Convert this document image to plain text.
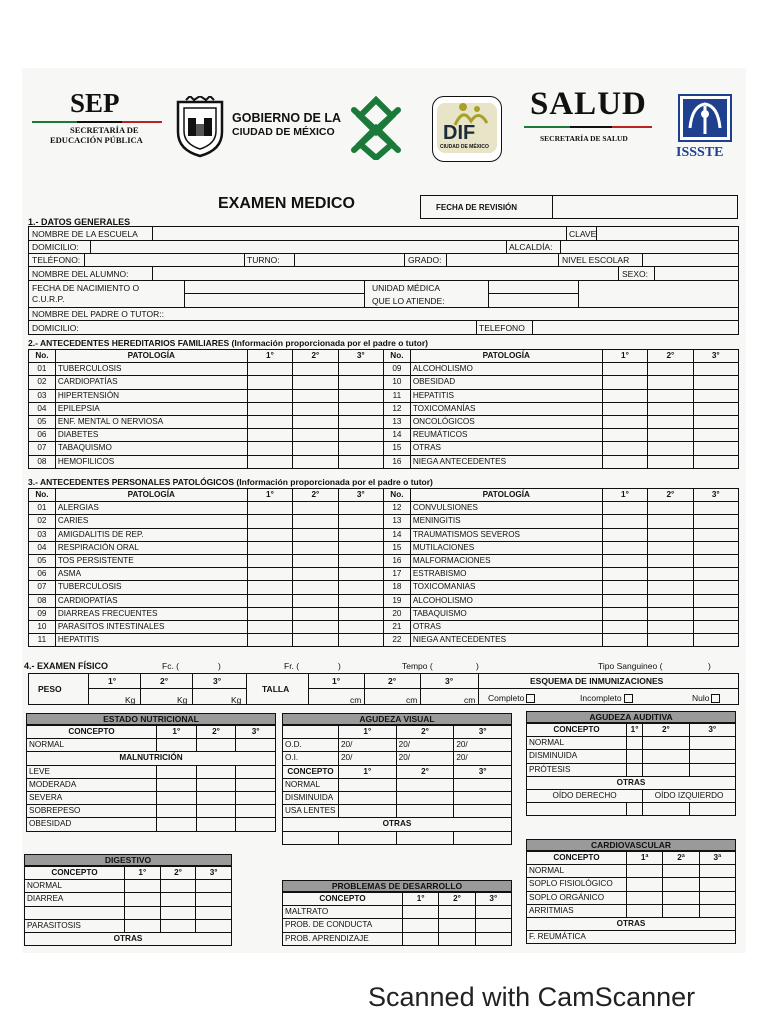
SEP
SECRETARÍA DE
EDUCACIÓN PÚBLICA
GOBIERNO DE LA
CIUDAD DE MÉXICO	DIF
CIUDAD DE MÉXICO
SALUD
SECRETARÍA DE SALUD
ISSSTE
EXAMEN MEDICO	FECHA DE REVISIÓN
1.- DATOS GENERALES
NOMBRE DE LA ESCUELA	CLAVE
DOMICILIO:	ALCALDÍA:
TELÉFONO:	TURNO:	GRADO:	NIVEL ESCOLAR
NOMBRE DEL ALUMNO:	SEXO:
FECHA DE NACIMIENTO O
C.U.R.P.
UNIDAD MÉDICA
QUE LO ATIENDE:
NOMBRE DEL PADRE O TUTOR::
DOMICILIO:	TELEFONO
2.- ANTECEDENTES HEREDITARIOS FAMILIARES (Información proporcionada por el padre o tutor)
No.	PATOLOGÍA	1°	2°	3°	No.	PATOLOGÍA	1°	2°	3°
01	TUBERCULOSIS				09	ALCOHOLISMO			
02	CARDIOPATÍAS				10	OBESIDAD			
03	HIPERTENSIÓN				11	HEPATITIS			
04	EPILEPSIA				12	TOXICOMANÍAS			
05	ENF. MENTAL O NERVIOSA				13	ONCOLÓGICOS			
06	DIABETES				14	REUMÁTICOS			
07	TABAQUISMO				15	OTRAS			
08	HEMOFILICOS				16	NIEGA ANTECEDENTES			
3.- ANTECEDENTES PERSONALES PATOLÓGICOS (Información proporcionada por el padre o tutor)
No.	PATOLOGÍA	1°	2°	3°	No.	PATOLOGÍA	1°	2°	3°
01	ALERGIAS				12	CONVULSIONES			
02	CARIES				13	MENINGITIS			
03	AMIGDALITIS DE REP.				14	TRAUMATISMOS SEVEROS			
04	RESPIRACIÓN ORAL				15	MUTILACIONES			
05	TOS PERSISTENTE				16	MALFORMACIONES			
06	ASMA				17	ESTRABISMO			
07	TUBERCULOSIS				18	TOXICOMANIAS			
08	CARDIOPATÍAS				19	ALCOHOLISMO			
09	DIARREAS FRECUENTES				20	TABAQUISMO			
10	PARASITOS INTESTINALES				21	OTRAS			
11	HEPATITIS				22	NIEGA ANTECEDENTES			
4.- EXAMEN FÍSICO	Fc. (	)	Fr. (	)	Tempo (	)	Tipo Sanguineo (	)
PESO
1°	2°	3°
Kg	Kg	Kg
TALLA
1°	2°	3°
cm	cm	cm
ESQUEMA DE INMUNIZACIONES
Completo	Incompleto	Nulo
ESTADO NUTRICIONAL
CONCEPTO	1°	2°	3°
NORMAL			
MALNUTRICIÓN			
LEVE			
MODERADA			
SEVERA			
SOBREPESO			
OBESIDAD			
AGUDEZA VISUAL
	1°	2°	3°
O.D.	20/	20/	20/
O.I.	20/	20/	20/
CONCEPTO	1°	2°	3°
NORMAL			
DISMINUIDA			
USA LENTES			
OTRAS			

AGUDEZA AUDITIVA
CONCEPTO	1°	2°	3°
NORMAL			
DISMINUIDA			
PRÓTESIS			
OTRAS			
OÍDO DERECHO		OÍDO IZQUIERDO	

CARDIOVASCULAR
CONCEPTO	1ª	2ª	3ª
NORMAL			
SOPLO FISIOLÓGICO			
SOPLO ORGÁNICO			
ARRITMIAS			
OTRAS			
F. REUMÁTICA			
DIGESTIVO
CONCEPTO	1°	2°	3°
NORMAL			
DIARREA			

PARASITOSIS			
OTRAS			
PROBLEMAS DE DESARROLLO
CONCEPTO	1°	2°	3°
MALTRATO			
PROB. DE CONDUCTA			
PROB. APRENDIZAJE			
Scanned with CamScanner
